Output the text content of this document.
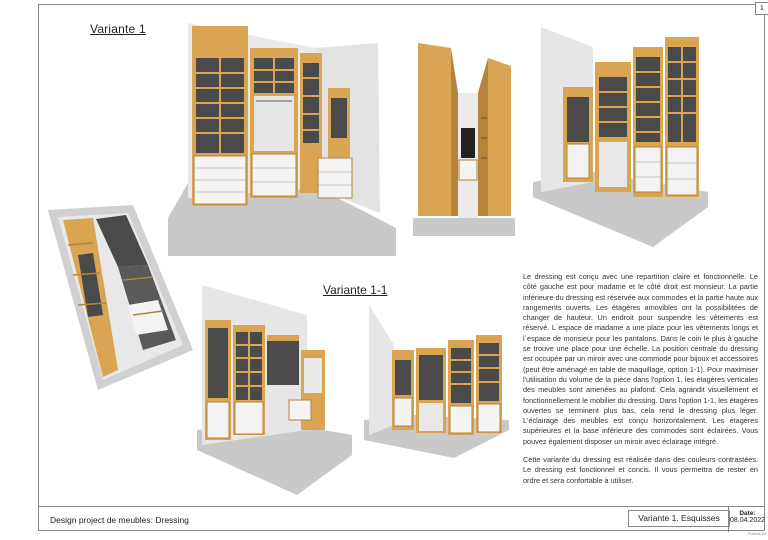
1
Variante 1
Variante 1-1

Le dressing est conçu avec une repartition claire et fonctionnelle. Le côté gauche est pour madame et le côté droit est monsieur. La partie inférieure du dressing est réservée aux commodes et la partie haute aux rangements ouverts. Les étagères amovibles ont la possibilitées de changer de hauteur. Un endroit pour suspendre les vêtements est réservé. L`espace de madame a une place pour les vêtements longs et l`espace de monsieur pour les pantalons. Dans le coin le plus à gauche se trouve une place pour une échelle. La position centrale du dressing est occupée par un miroir avec une commode pour bijoux et accessoires (peut être aménagé en table de maquillage, option 1-1). Pour maximiser l'utilisation du volume de la pièce dans l'option 1, les étagères verticales des meubles sont amenées au plafond. Cela agrandit visuellement et fonctionnellement le mobilier du dressing. Dans l'option 1-1, les étagères ouvertes se terminent plus bas, cela rend le dressing plus léger. L'éclairage des meubles est conçu horizontalement. Les étagères supérieures et la base inférieure des commodes sont éclairées. Vous pouvez également disposer un miroir avec éclairage intégré.

Cette variante du dressing est réalisée dans des couleurs contrastées. Le dressing est fonctionnel et concis. Il vous permettra de rester en ordre et sera confortable à utiliser.

Design project de meubles: Dressing	Variante 1. Esquisses	Date:
08.04.2022
Format A3
